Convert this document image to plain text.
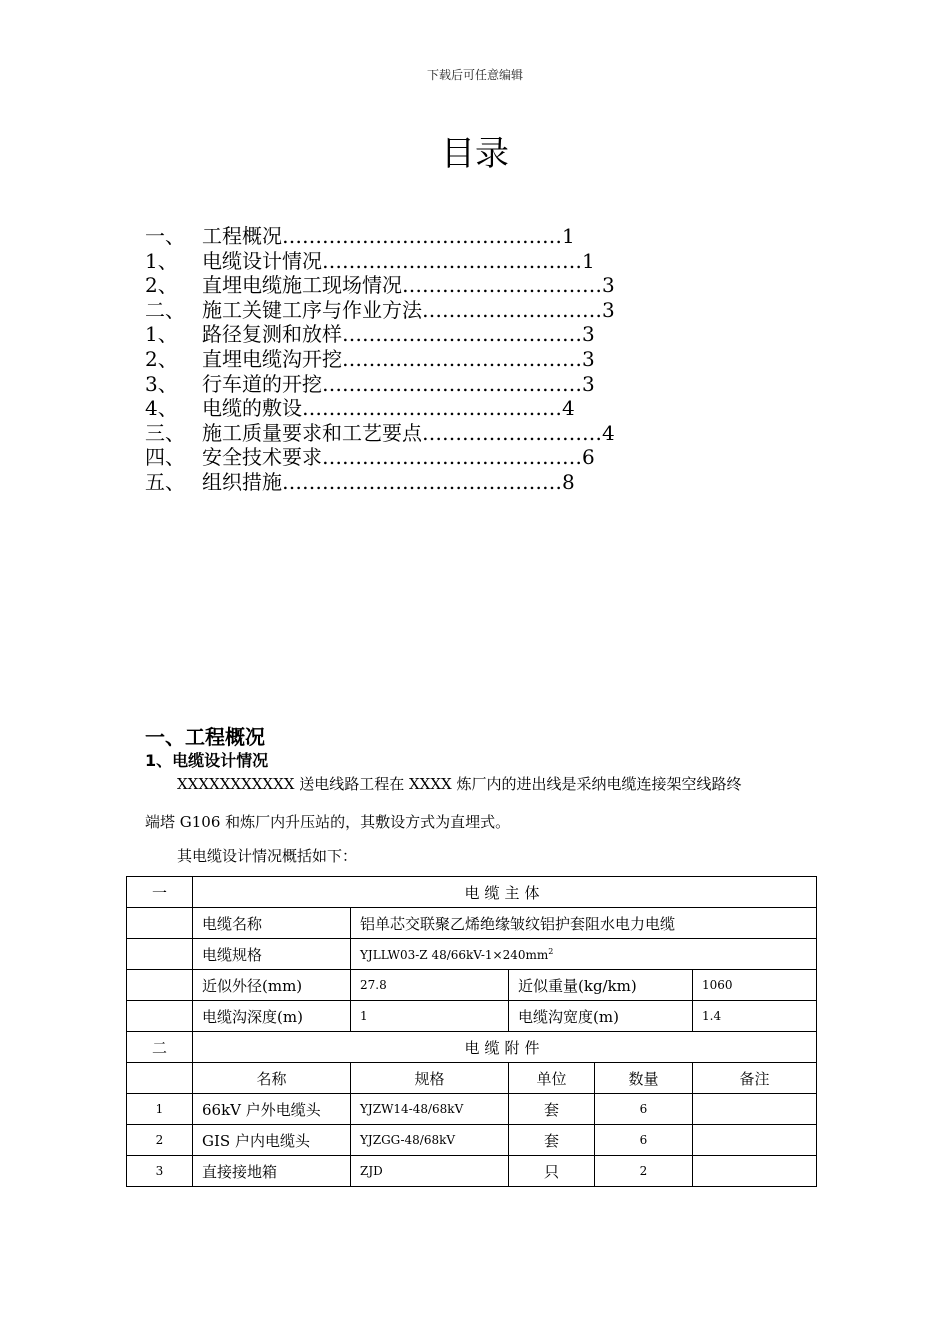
下载后可任意编辑
目录
一、 工程概况 …………………………………… 1
1、	电缆设计情况 ………………………………… 1
2、	直埋电缆施工现场情况 ………………………… 3
二、 施工关键工序与作业方法 ……………………… 3
1、	路径复测和放样 ……………………………… 3
2、	直埋电缆沟开挖 ……………………………… 3
3、	行车道的开挖 ………………………………… 3
4、	电缆的敷设 ………………………………… 4
三、 施工质量要求和工艺要点 ……………………… 4
四、 安全技术要求 ………………………………… 6
五、 组织措施 …………………………………… 8
一、工程概况
1、电缆设计情况
XXXXXXXXXXX 送电线路工程在 XXXX 炼厂内的进出线是采纳电缆连接架空线路终
端塔 G106 和炼厂内升压站的，其敷设方式为直埋式。
其电缆设计情况概括如下：
一	电缆主体				
	电缆名称	铝单芯交联聚乙烯绝缘皱纹铝护套阻水电力电缆			
	电缆规格	YJLLW03-Z $48/66kV-1\times 240mm^2$
	近似外径(mm)	27.8	近似重量(kg/km)		1060
	电缆沟深度(m)	1	电缆沟宽度(m)		1.4
二	电缆附件				
	名称	规格	单位	数量	备注
1	66kV 户外电缆头	YJZW14-48/68kV	套	6	
2	GIS 户内电缆头	YJZGG-48/68kV	套	6	
3	直接接地箱	ZJD	只	2	
